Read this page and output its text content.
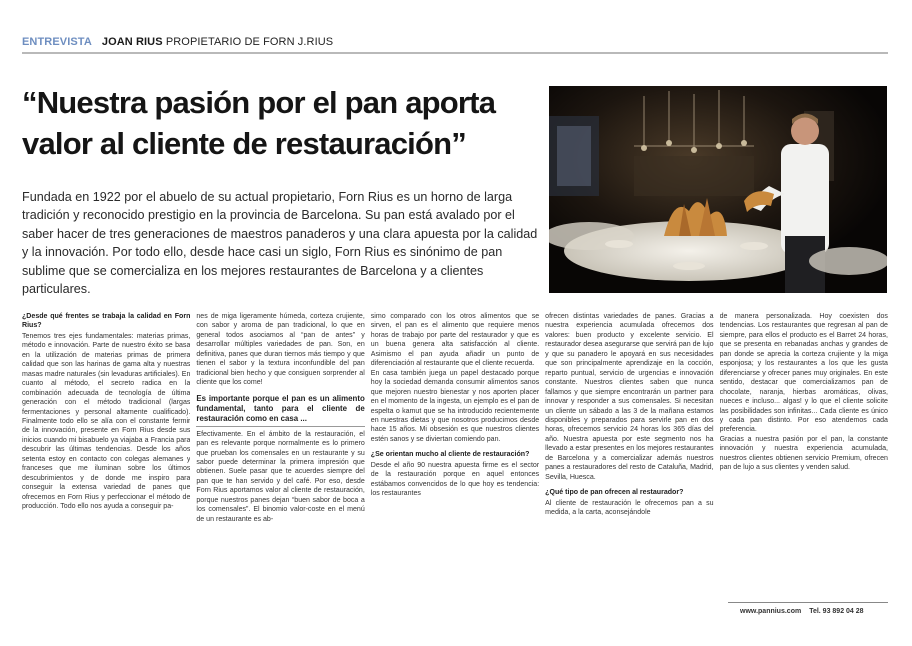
ENTREVISTA JOAN RIUS PROPIETARIO DE FORN J.RIUS
“Nuestra pasión por el pan aporta valor al cliente de restauración”

Fundada en 1922 por el abuelo de su actual propietario, Forn Rius es un horno de larga tradición y reconocido prestigio en la provincia de Barcelona. Su pan está avalado por el saber hacer de tres generaciones de maestros panaderos y una clara apuesta por la calidad y la innovación. Por todo ello, desde hace casi un siglo, Forn Rius es sinónimo de pan sublime que se comercializa en los mejores restaurantes de Barcelona y a clientes particulares.

¿Desde qué frentes se trabaja la calidad en Forn Rius?

Tenemos tres ejes fundamentales: materias primas, método e innovación. Parte de nuestro éxito se basa en la utilización de materias primas de primera calidad que son las harinas de gama alta y nuestras masas madre naturales (sin levaduras artificiales). En cuanto al método, el secreto radica en la combinación adecuada de tecnología de última generación con el método tradicional (largas fermentaciones y personal altamente cualificado). Finalmente todo ello se alía con el constante fermir de la innovación, presente en Forn Rius desde sus inicios cuando mi bisabuelo ya viajaba a Francia para descubrir las últimas tendencias. Desde los años setenta estoy en contacto con colegas alemanes y franceses que me iluminan sobre los últimos descubrimientos y de donde me inspiro para conseguir la extensa variedad de panes que ofrecemos en Forn Rius y perfeccionar el método de producción. Todo ello nos ayuda a conseguir pa-

nes de miga ligeramente húmeda, corteza crujiente, con sabor y aroma de pan tradicional, lo que en general todos asociamos al “pan de antes” y desarrollar múltiples variedades de pan. Son, en definitiva, panes que duran tiernos más tiempo y que tienen el sabor y la textura inconfundible del pan tradicional bien hecho y que consiguen sorprender al cliente que los come!

Es importante porque el pan es un alimento fundamental, tanto para el cliente de restauración como en casa ...

Efectivamente. En el ámbito de la restauración, el pan es relevante porque normalmente es lo primero que prueban los comensales en un restaurante y su sabor puede determinar la primera impresión que obtienen. Suele pasar que te acuerdes siempre del pan que te han servido y del café. Por eso, desde Forn Rius aportamos valor al cliente de restauración, porque nuestros panes dejan “buen sabor de boca a los comensales”. El binomio valor-coste en el menú de un restaurante es ab-

simo comparado con los otros alimentos que se sirven, el pan es el alimento que requiere menos horas de trabajo por parte del restaurador y que es un buena genera alta satisfacción al cliente. Asimismo el pan ayuda añadir un punto de diferenciación al restaurante que el cliente recuerda.

En casa también juega un papel destacado porque hoy la sociedad demanda consumir alimentos sanos que mejoren nuestro bienestar y nos aporten placer en el momento de la ingesta, un ejemplo es el pan de espelta o kamut que se ha introducido recientemente en nuestras dietas y que nosotros producimos desde hace 15 años. Mi obsesión es que nuestros clientes estén sanos y se diviertan comiendo pan.

¿Se orientan mucho al cliente de restauración?

Desde el año 90 nuestra apuesta firme es el sector de la restauración porque en aquel entonces estábamos convencidos de lo que hoy es tendencia: los restaurantes

ofrecen distintas variedades de panes. Gracias a nuestra experiencia acumulada ofrecemos dos valores: buen producto y excelente servicio. El restaurador desea asegurarse que servirá pan de lujo y que su panadero le apoyará en sus necesidades que son principalmente aprendizaje en la cocción, reparto puntual, servicio de urgencias e innovación constante. Nuestros clientes saben que nunca fallamos y que siempre encontrarán un partner para innovar y responder a sus comensales. Si necesitan un cliente un sábado a las 3 de la mañana estamos disponibles y preparados para servirle pan en dos horas, ofrecemos servicio 24 horas los 365 días del año. Nuestra apuesta por este segmento nos ha llevado a estar presentes en los mejores restaurantes de Barcelona y a comercializar además nuestros panes a restauradores del resto de Cataluña, Madrid, Sevilla, Huesca.

¿Qué tipo de pan ofrecen al restaurador?

Al cliente de restauración le ofrecemos pan a su medida, a la carta, aconsejándole

de manera personalizada. Hoy coexisten dos tendencias. Los restaurantes que regresan al pan de siempre, para ellos el producto es el Barret 24 horas, que se presenta en rebanadas anchas y grandes de pan donde se aprecia la corteza crujiente y la miga esponjosa; y los restaurantes a los que les gusta diferenciarse y ofrecer panes muy originales. En este sentido, destacar que comercializamos pan de chocolate, naranja, hierbas aromáticas, olivas, nueces e incluso... algas! y lo que el cliente solicite las posibilidades son infinitas... Cada cliente es único y cada pan distinto. Por eso atendemos cada preferencia.

Gracias a nuestra pasión por el pan, la constante innovación y nuestra experiencia acumulada, nuestros clientes obtienen servicio Premium, ofrecen pan de lujo a sus clientes y venden salud.

www.pannius.com Tel. 93 892 04 28
